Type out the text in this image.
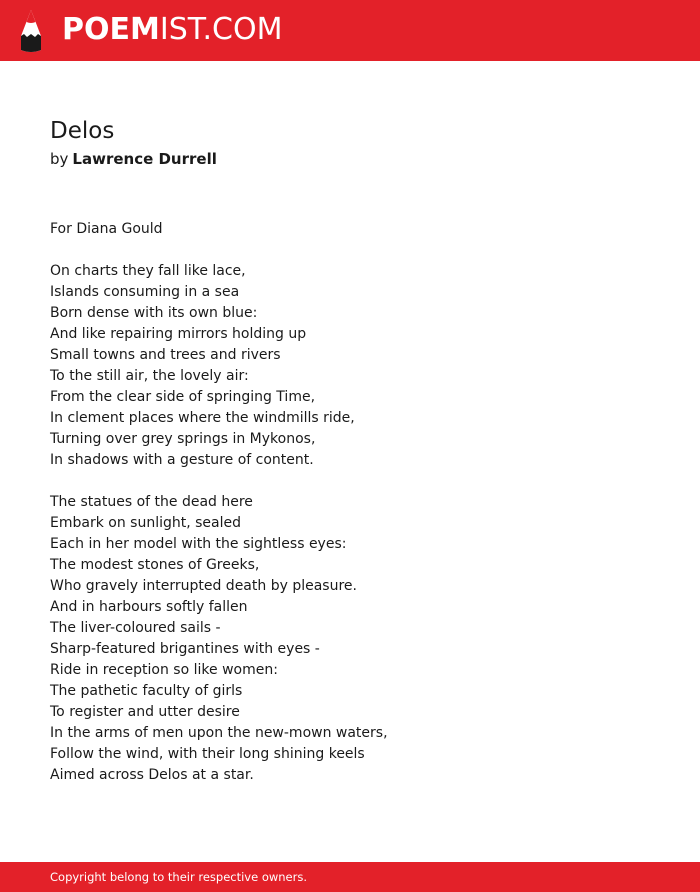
POEMIST.COM
Delos
by Lawrence Durrell
For Diana Gould
On charts they fall like lace,
Islands consuming in a sea
Born dense with its own blue:
And like repairing mirrors holding up
Small towns and trees and rivers
To the still air, the lovely air:
From the clear side of springing Time,
In clement places where the windmills ride,
Turning over grey springs in Mykonos,
In shadows with a gesture of content.
The statues of the dead here
Embark on sunlight, sealed
Each in her model with the sightless eyes:
The modest stones of Greeks,
Who gravely interrupted death by pleasure.
And in harbours softly fallen
The liver-coloured sails -
Sharp-featured brigantines with eyes -
Ride in reception so like women:
The pathetic faculty of girls
To register and utter desire
In the arms of men upon the new-mown waters,
Follow the wind, with their long shining keels
Aimed across Delos at a star.
Copyright belong to their respective owners.
